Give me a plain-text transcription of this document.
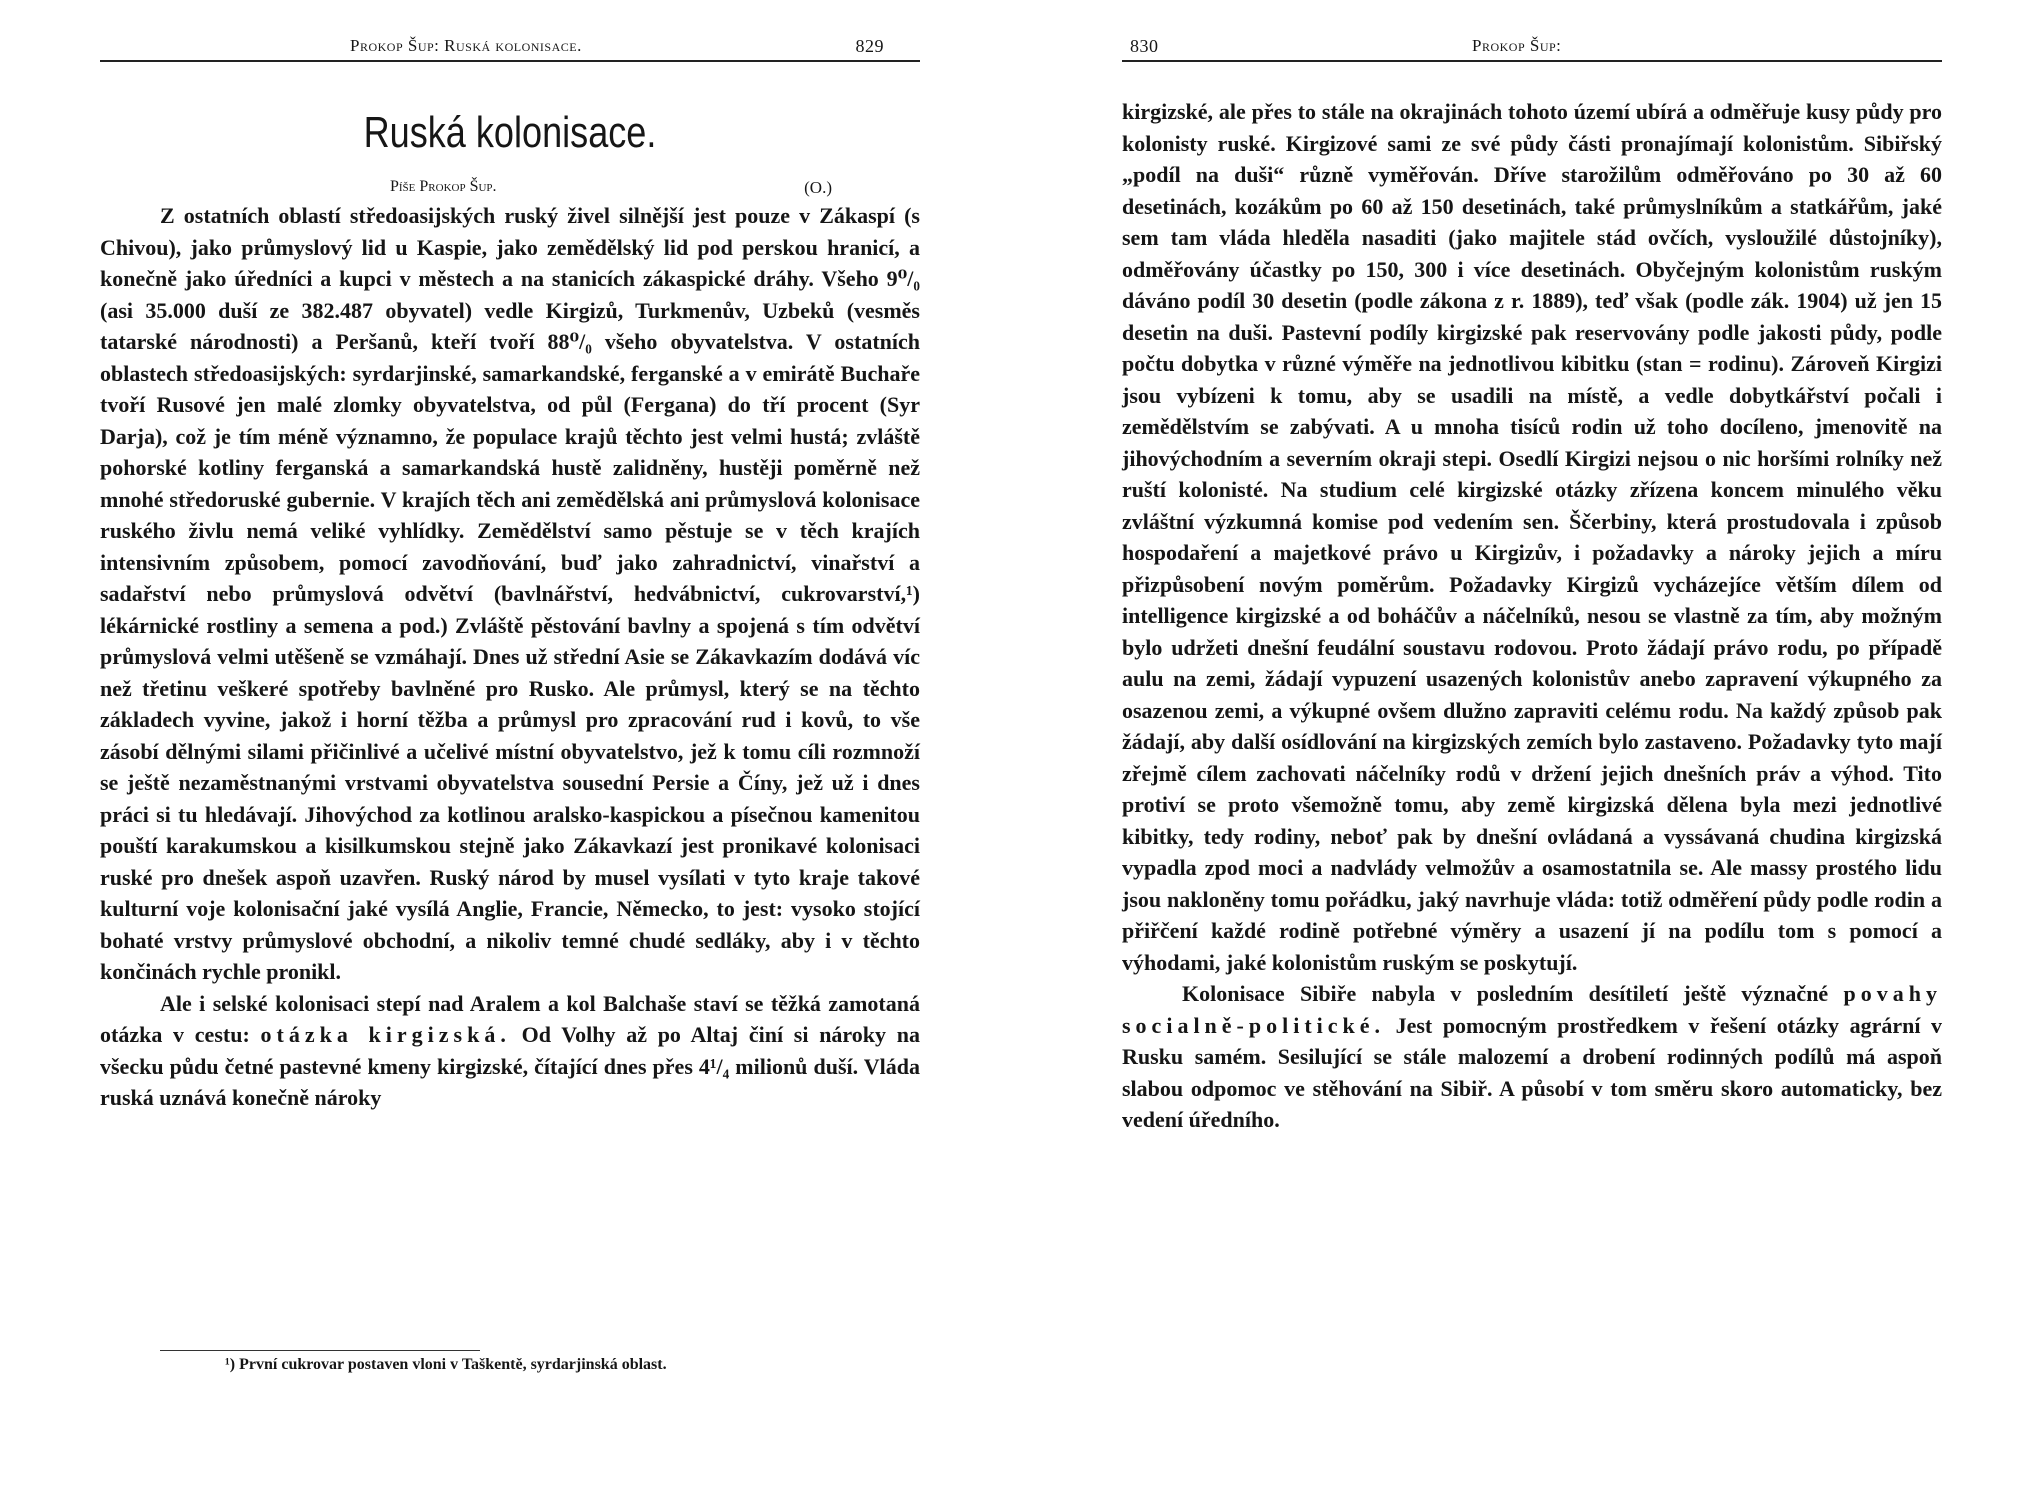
Prokop Šup: Ruská kolonisace.	829
Ruská kolonisace.
Píše Prokop Šup.	(O.)

Z ostatních oblastí středoasijských ruský živel silnější jest pouze v Zákaspí (s Chivou), jako průmyslový lid u Kaspie, jako zemědělský lid pod perskou hranicí, a konečně jako úředníci a kupci v městech a na stanicích zákaspické dráhy. Všeho 9⁰/₀ (asi 35.000 duší ze 382.487 obyvatel) vedle Kirgizů, Turkmenův, Uzbeků (vesměs tatarské národnosti) a Peršanů, kteří tvoří 88⁰/₀ všeho obyvatelstva. V ostatních oblastech středoasijských: syrdarjinské, samarkandské, ferganské a v emirátě Buchaře tvoří Rusové jen malé zlomky obyvatelstva, od půl (Fergana) do tří procent (Syr Darja), což je tím méně významno, že populace krajů těchto jest velmi hustá; zvláště pohorské kotliny ferganská a samarkandská hustě zalidněny, hustěji poměrně než mnohé středoruské gubernie. V krajích těch ani zemědělská ani průmyslová kolonisace ruského živlu nemá veliké vyhlídky. Zemědělství samo pěstuje se v těch krajích intensivním způsobem, pomocí zavodňování, buď jako zahradnictví, vinařství a sadařství nebo průmyslová odvětví (bavlnářství, hedvábnictví, cukrovarství,¹) lékárnické rostliny a semena a pod.) Zvláště pěstování bavlny a spojená s tím odvětví průmyslová velmi utěšeně se vzmáhají. Dnes už střední Asie se Zákavkazím dodává víc než třetinu veškeré spotřeby bavlněné pro Rusko. Ale průmysl, který se na těchto základech vyvine, jakož i horní těžba a průmysl pro zpracování rud i kovů, to vše zásobí dělnými silami přičinlivé a učelivé místní obyvatelstvo, jež k tomu cíli rozmnoží se ještě nezaměstnanými vrstvami obyvatelstva sousední Persie a Číny, jež už i dnes práci si tu hledávají. Jihovýchod za kotlinou aralsko-kaspickou a písečnou kamenitou pouští karakumskou a kisilkumskou stejně jako Zákavkazí jest pronikavé kolonisaci ruské pro dnešek aspoň uzavřen. Ruský národ by musel vysílati v tyto kraje takové kulturní voje kolonisační jaké vysílá Anglie, Francie, Německo, to jest: vysoko stojící bohaté vrstvy průmyslové obchodní, a nikoliv temné chudé sedláky, aby i v těchto končinách rychle pronikl.

Ale i selské kolonisaci stepí nad Aralem a kol Balchaše staví se těžká zamotaná otázka v cestu: otázka kirgizská. Od Volhy až po Altaj činí si nároky na všecku půdu četné pastevné kmeny kirgizské, čítající dnes přes 4¹/₄ milionů duší. Vláda ruská uznává konečně nároky

¹) První cukrovar postaven vloni v Taškentě, syrdarjinská oblast.
830	Prokop Šup:

kirgizské, ale přes to stále na okrajinách tohoto území ubírá a odměřuje kusy půdy pro kolonisty ruské. Kirgizové sami ze své půdy části pronajímají kolonistům. Sibiřský „podíl na duši“ různě vyměřován. Dříve starožilům odměřováno po 30 až 60 desetinách, kozákům po 60 až 150 desetinách, také průmyslníkům a statkářům, jaké sem tam vláda hleděla nasaditi (jako majitele stád ovčích, vysloužilé důstojníky), odměřovány účastky po 150, 300 i více desetinách. Obyčejným kolonistům ruským dáváno podíl 30 desetin (podle zákona z r. 1889), teď však (podle zák. 1904) už jen 15 desetin na duši. Pastevní podíly kirgizské pak reservovány podle jakosti půdy, podle počtu dobytka v různé výměře na jednotlivou kibitku (stan = rodinu). Zároveň Kirgizi jsou vybízeni k tomu, aby se usadili na místě, a vedle dobytkářství počali i zemědělstvím se zabývati. A u mnoha tisíců rodin už toho docíleno, jmenovitě na jihovýchodním a severním okraji stepi. Osedlí Kirgizi nejsou o nic horšími rolníky než ruští kolonisté. Na studium celé kirgizské otázky zřízena koncem minulého věku zvláštní výzkumná komise pod vedením sen. Ščerbiny, která prostudovala i způsob hospodaření a majetkové právo u Kirgizův, i požadavky a nároky jejich a míru přizpůsobení novým poměrům. Požadavky Kirgizů vycházejíce větším dílem od intelligence kirgizské a od boháčův a náčelníků, nesou se vlastně za tím, aby možným bylo udržeti dnešní feudální soustavu rodovou. Proto žádají právo rodu, po případě aulu na zemi, žádají vypuzení usazených kolonistův anebo zapravení výkupného za osazenou zemi, a výkupné ovšem dlužno zapraviti celému rodu. Na každý způsob pak žádají, aby další osídlování na kirgizských zemích bylo zastaveno. Požadavky tyto mají zřejmě cílem zachovati náčelníky rodů v držení jejich dnešních práv a výhod. Tito protiví se proto všemožně tomu, aby země kirgizská dělena byla mezi jednotlivé kibitky, tedy rodiny, neboť pak by dnešní ovládaná a vyssávaná chudina kirgizská vypadla zpod moci a nadvlády velmožův a osamostatnila se. Ale massy prostého lidu jsou nakloněny tomu pořádku, jaký navrhuje vláda: totiž odměření půdy podle rodin a přiřčení každé rodině potřebné výměry a usazení jí na podílu tom s pomocí a výhodami, jaké kolonistům ruským se poskytují.

Kolonisace Sibiře nabyla v posledním desítiletí ještě význačné povahy socialně-politické. Jest pomocným prostředkem v řešení otázky agrární v Rusku samém. Sesilující se stále malozemí a drobení rodinných podílů má aspoň slabou odpomoc ve stěhování na Sibiř. A působí v tom směru skoro automaticky, bez vedení úředního.
